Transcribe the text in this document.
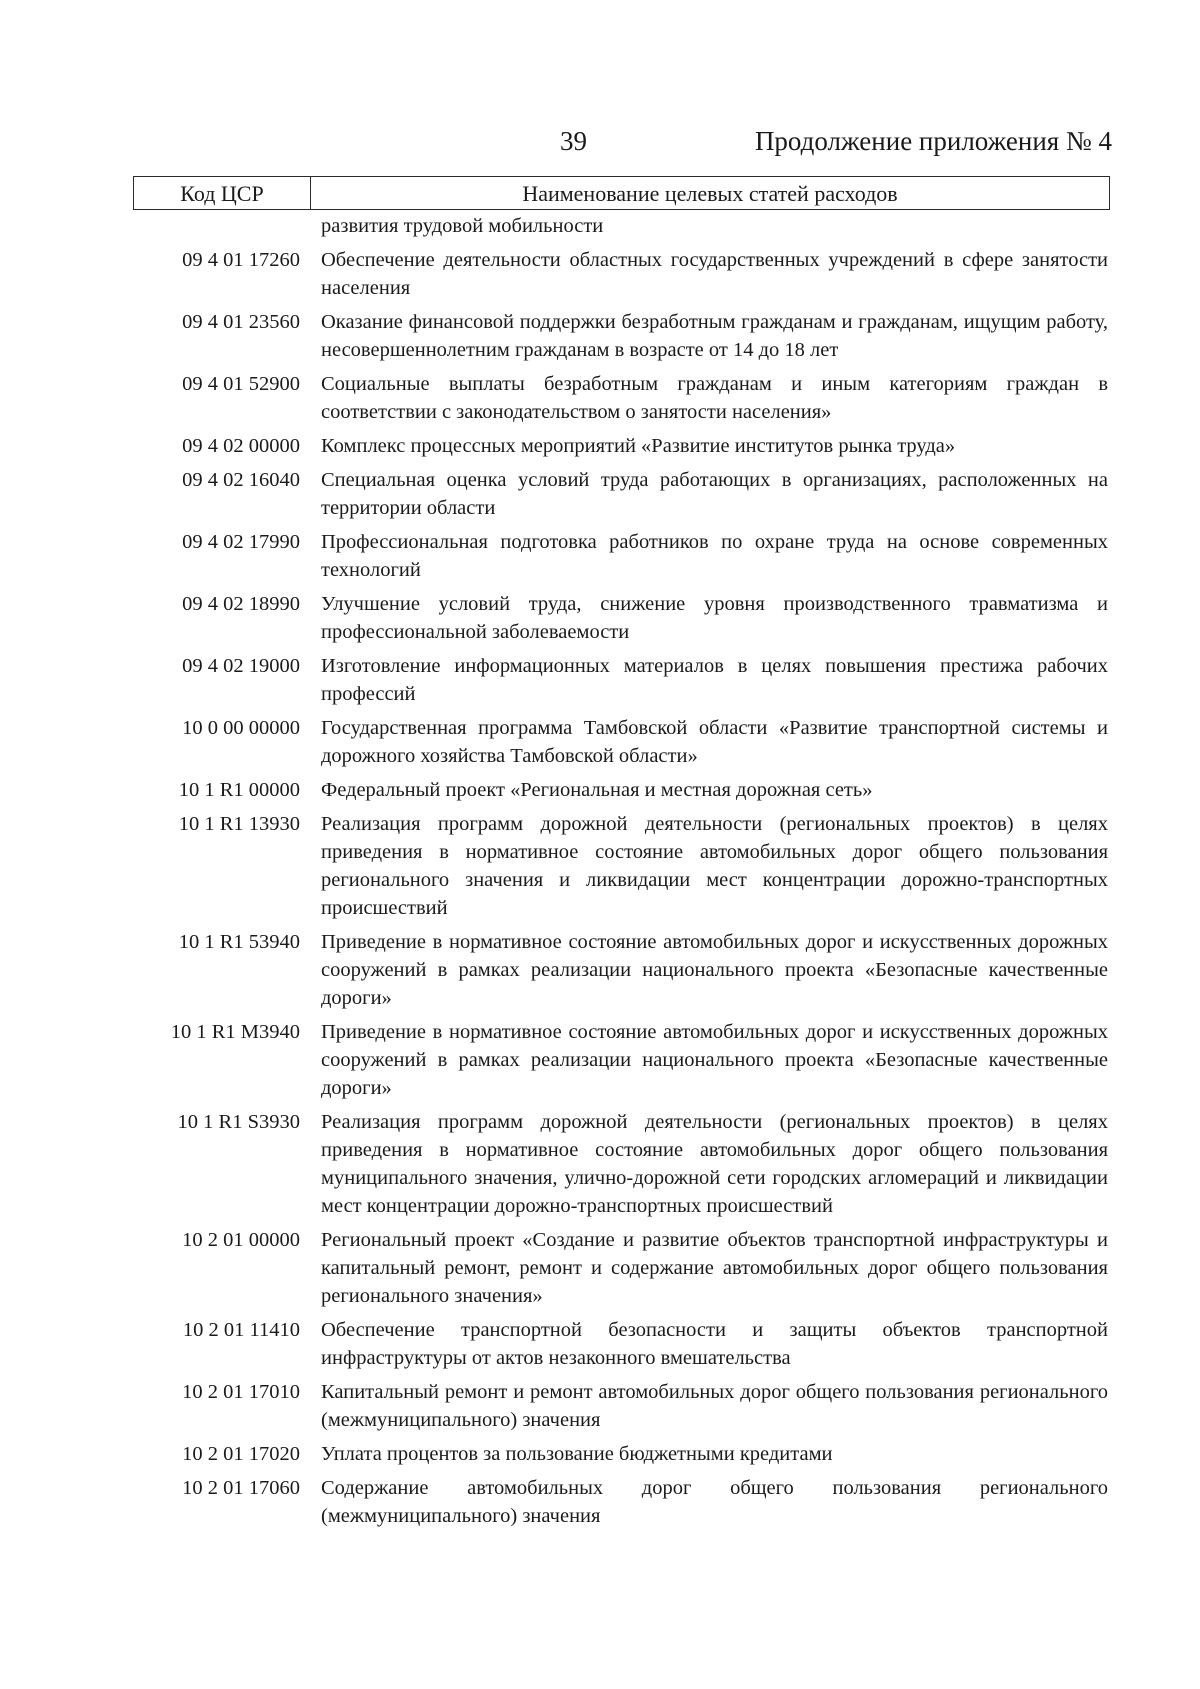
39	Продолжение приложения № 4
Код ЦСР	Наименование целевых статей расходов
развития трудовой мобильности
09 4 01 17260	Обеспечение деятельности областных государственных учреждений в сфере занятости населения
09 4 01 23560	Оказание финансовой поддержки безработным гражданам и гражданам, ищущим работу, несовершеннолетним гражданам в возрасте от 14 до 18 лет
09 4 01 52900	Социальные выплаты безработным гражданам и иным категориям граждан в соответствии с законодательством о занятости населения»
09 4 02 00000	Комплекс процессных мероприятий «Развитие институтов рынка труда»
09 4 02 16040	Специальная оценка условий труда работающих в организациях, расположенных на территории области
09 4 02 17990	Профессиональная подготовка работников по охране труда на основе современных технологий
09 4 02 18990	Улучшение условий труда, снижение уровня производственного травматизма и профессиональной заболеваемости
09 4 02 19000	Изготовление информационных материалов в целях повышения престижа рабочих профессий
10 0 00 00000	Государственная программа Тамбовской области «Развитие транспортной системы и дорожного хозяйства Тамбовской области»
10 1 R1 00000	Федеральный проект «Региональная и местная дорожная сеть»
10 1 R1 13930	Реализация программ дорожной деятельности (региональных проектов) в целях приведения в нормативное состояние автомобильных дорог общего пользования регионального значения и ликвидации мест концентрации дорожно-транспортных происшествий
10 1 R1 53940	Приведение в нормативное состояние автомобильных дорог и искусственных дорожных сооружений в рамках реализации национального проекта «Безопасные качественные дороги»
10 1 R1 M3940	Приведение в нормативное состояние автомобильных дорог и искусственных дорожных сооружений в рамках реализации национального проекта «Безопасные качественные дороги»
10 1 R1 S3930	Реализация программ дорожной деятельности (региональных проектов) в целях приведения в нормативное состояние автомобильных дорог общего пользования муниципального значения, улично-дорожной сети городских агломераций и ликвидации мест концентрации дорожно-транспортных происшествий
10 2 01 00000	Региональный проект «Создание и развитие объектов транспортной инфраструктуры и капитальный ремонт, ремонт и содержание автомобильных дорог общего пользования регионального значения»
10 2 01 11410	Обеспечение транспортной безопасности и защиты объектов транспортной инфраструктуры от актов незаконного вмешательства
10 2 01 17010	Капитальный ремонт и ремонт автомобильных дорог общего пользования регионального (межмуниципального) значения
10 2 01 17020	Уплата процентов за пользование бюджетными кредитами
10 2 01 17060	Содержание автомобильных дорог общего пользования регионального (межмуниципального) значения
